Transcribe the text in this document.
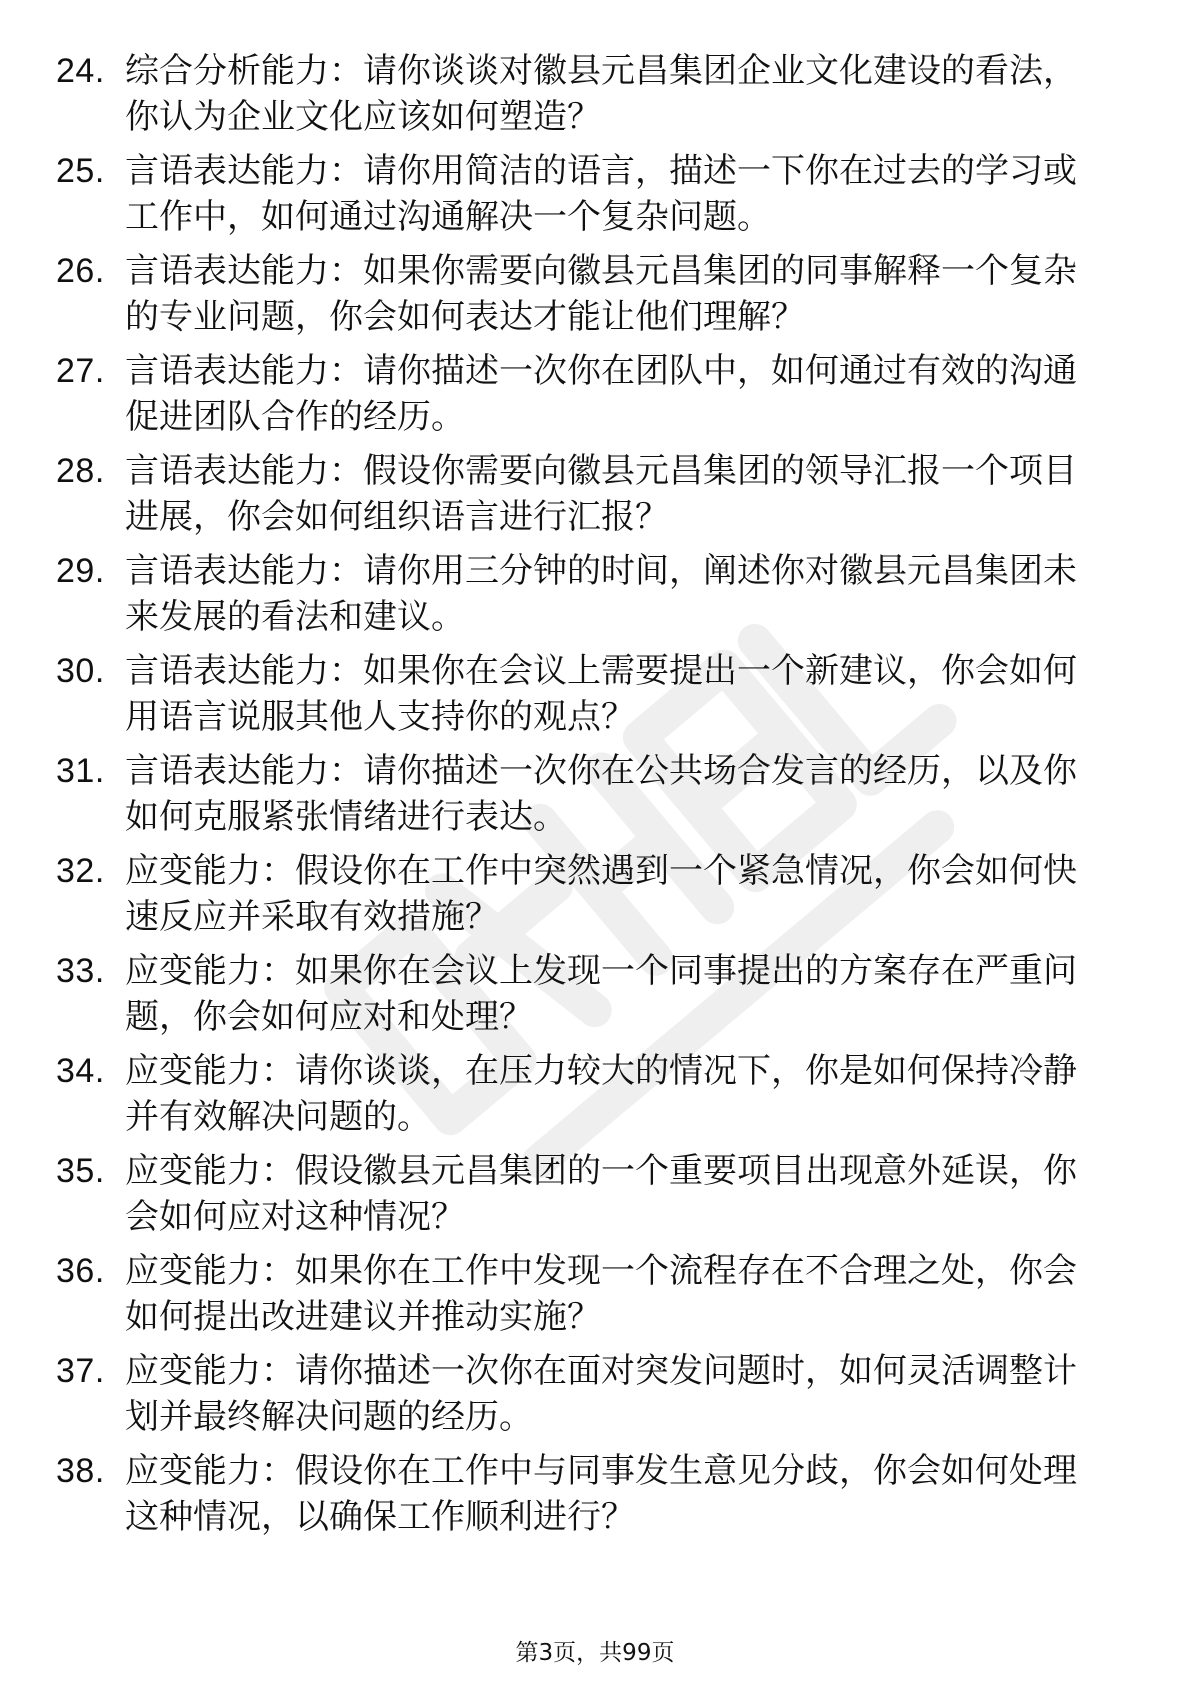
24. 综合分析能力：请你谈谈对徽县元昌集团企业文化建设的看法，你认为企业文化应该如何塑造？
25. 言语表达能力：请你用简洁的语言，描述一下你在过去的学习或工作中，如何通过沟通解决一个复杂问题。
26. 言语表达能力：如果你需要向徽县元昌集团的同事解释一个复杂的专业问题，你会如何表达才能让他们理解？
27. 言语表达能力：请你描述一次你在团队中，如何通过有效的沟通促进团队合作的经历。
28. 言语表达能力：假设你需要向徽县元昌集团的领导汇报一个项目进展，你会如何组织语言进行汇报？
29. 言语表达能力：请你用三分钟的时间，阐述你对徽县元昌集团未来发展的看法和建议。
30. 言语表达能力：如果你在会议上需要提出一个新建议，你会如何用语言说服其他人支持你的观点？
31. 言语表达能力：请你描述一次你在公共场合发言的经历，以及你如何克服紧张情绪进行表达。
32. 应变能力：假设你在工作中突然遇到一个紧急情况，你会如何快速反应并采取有效措施？
33. 应变能力：如果你在会议上发现一个同事提出的方案存在严重问题，你会如何应对和处理？
34. 应变能力：请你谈谈，在压力较大的情况下，你是如何保持冷静并有效解决问题的。
35. 应变能力：假设徽县元昌集团的一个重要项目出现意外延误，你会如何应对这种情况？
36. 应变能力：如果你在工作中发现一个流程存在不合理之处，你会如何提出改进建议并推动实施？
37. 应变能力：请你描述一次你在面对突发问题时，如何灵活调整计划并最终解决问题的经历。
38. 应变能力：假设你在工作中与同事发生意见分歧，你会如何处理这种情况，以确保工作顺利进行？
第3页，共99页
